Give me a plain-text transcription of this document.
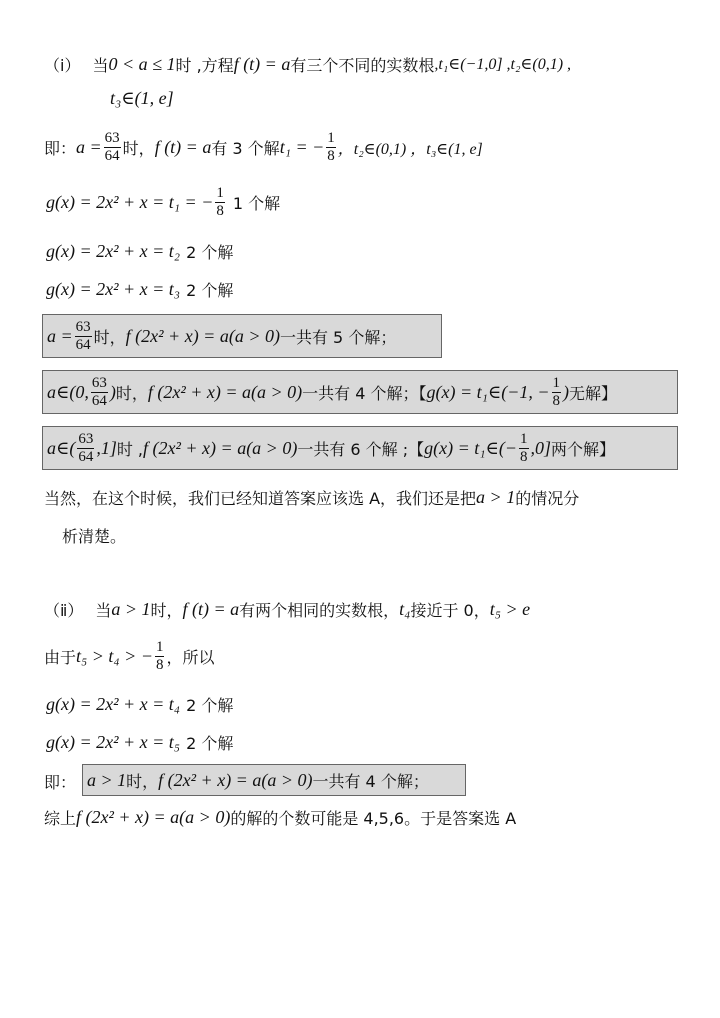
（ⅰ） 当 0 < a ≤ 1 时 ,方程 f (t) = a 有三个不同的实数根 ,t₁∈(−1,0] ,t₂∈(0,1) ,
t₃∈(1, e]
即： $a = \frac{63}{64}$ 时， f (t) = a 有 3 个解 t₁ = − $\frac{1}{8}$ ，t₂∈(0,1) ，t₃∈(1, e]
g(x) = 2x² + x = t₁ = − $\frac{1}{8} 1$ 个解
g(x) = 2x² + x = t₂ 2 个解
g(x) = 2x² + x = t₃ 2 个解
$a = \frac{63}{64}$ 时， f (2x² + x) = a(a > 0) 一共有 5 个解；
a∈(0, $\frac{63}{64}$ ) 时， f (2x² + x) = a(a > 0) 一共有 4 个解；【 g(x) = t₁∈(−1, − $\frac{1}{8}$ ) 无解】
a∈( $\frac{63}{64} ,1$] 时 , f (2x² + x) = a(a > 0) 一共有 6 个解 ;【 g(x) = t₁∈(− $\frac{1}{8} ,0$] 两个解】
当然，在这个时候，我们已经知道答案应该选 A，我们还是把 a > 1 的情况分
析清楚。
（ⅱ） 当 a > 1 时， f (t) = a 有两个相同的实数根， t₄ 接近于 0， t₅ > e
由于 t₅ > t₄ > − $\frac{1}{8}$ ，所以
g(x) = 2x² + x = t₄ 2 个解
g(x) = 2x² + x = t₅ 2 个解
即： a > 1 时， f (2x² + x) = a(a > 0) 一共有 4 个解；
综上 f (2x² + x) = a(a > 0) 的解的个数可能是 4,5,6。于是答案选 A
